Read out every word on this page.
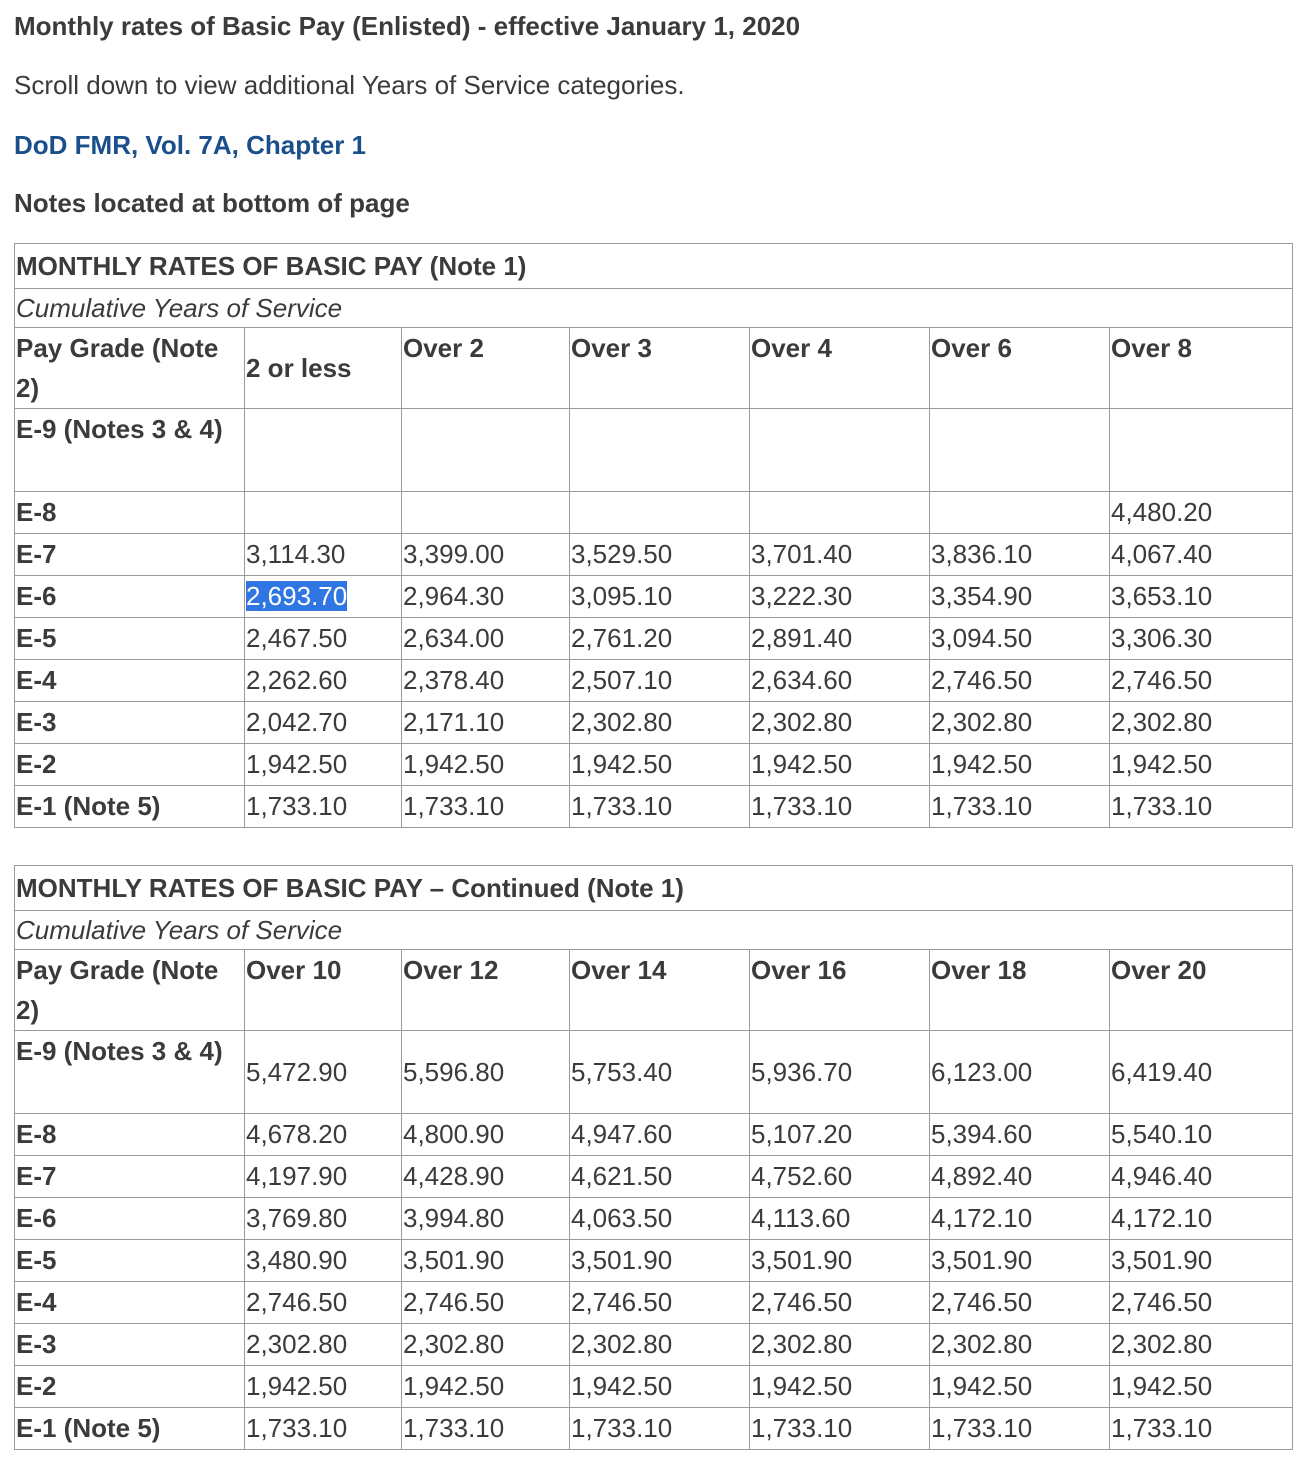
Monthly rates of Basic Pay (Enlisted) - effective January 1, 2020

Scroll down to view additional Years of Service categories.

DoD FMR, Vol. 7A, Chapter 1

Notes located at bottom of page

MONTHLY RATES OF BASIC PAY (Note 1)						
Cumulative Years of Service						
Pay Grade (Note 2)	2 or less	Over 2	Over 3	Over 4	Over 6	Over 8
E-9 (Notes 3 & 4)						
E-8						4,480.20
E-7	3,114.30	3,399.00	3,529.50	3,701.40	3,836.10	4,067.40
E-6	2,693.70	2,964.30	3,095.10	3,222.30	3,354.90	3,653.10
E-5	2,467.50	2,634.00	2,761.20	2,891.40	3,094.50	3,306.30
E-4	2,262.60	2,378.40	2,507.10	2,634.60	2,746.50	2,746.50
E-3	2,042.70	2,171.10	2,302.80	2,302.80	2,302.80	2,302.80
E-2	1,942.50	1,942.50	1,942.50	1,942.50	1,942.50	1,942.50
E-1 (Note 5)	1,733.10	1,733.10	1,733.10	1,733.10	1,733.10	1,733.10
MONTHLY RATES OF BASIC PAY – Continued (Note 1)						
Cumulative Years of Service						
Pay Grade (Note 2)	Over 10	Over 12	Over 14	Over 16	Over 18	Over 20
E-9 (Notes 3 & 4)	5,472.90	5,596.80	5,753.40	5,936.70	6,123.00	6,419.40
E-8	4,678.20	4,800.90	4,947.60	5,107.20	5,394.60	5,540.10
E-7	4,197.90	4,428.90	4,621.50	4,752.60	4,892.40	4,946.40
E-6	3,769.80	3,994.80	4,063.50	4,113.60	4,172.10	4,172.10
E-5	3,480.90	3,501.90	3,501.90	3,501.90	3,501.90	3,501.90
E-4	2,746.50	2,746.50	2,746.50	2,746.50	2,746.50	2,746.50
E-3	2,302.80	2,302.80	2,302.80	2,302.80	2,302.80	2,302.80
E-2	1,942.50	1,942.50	1,942.50	1,942.50	1,942.50	1,942.50
E-1 (Note 5)	1,733.10	1,733.10	1,733.10	1,733.10	1,733.10	1,733.10
